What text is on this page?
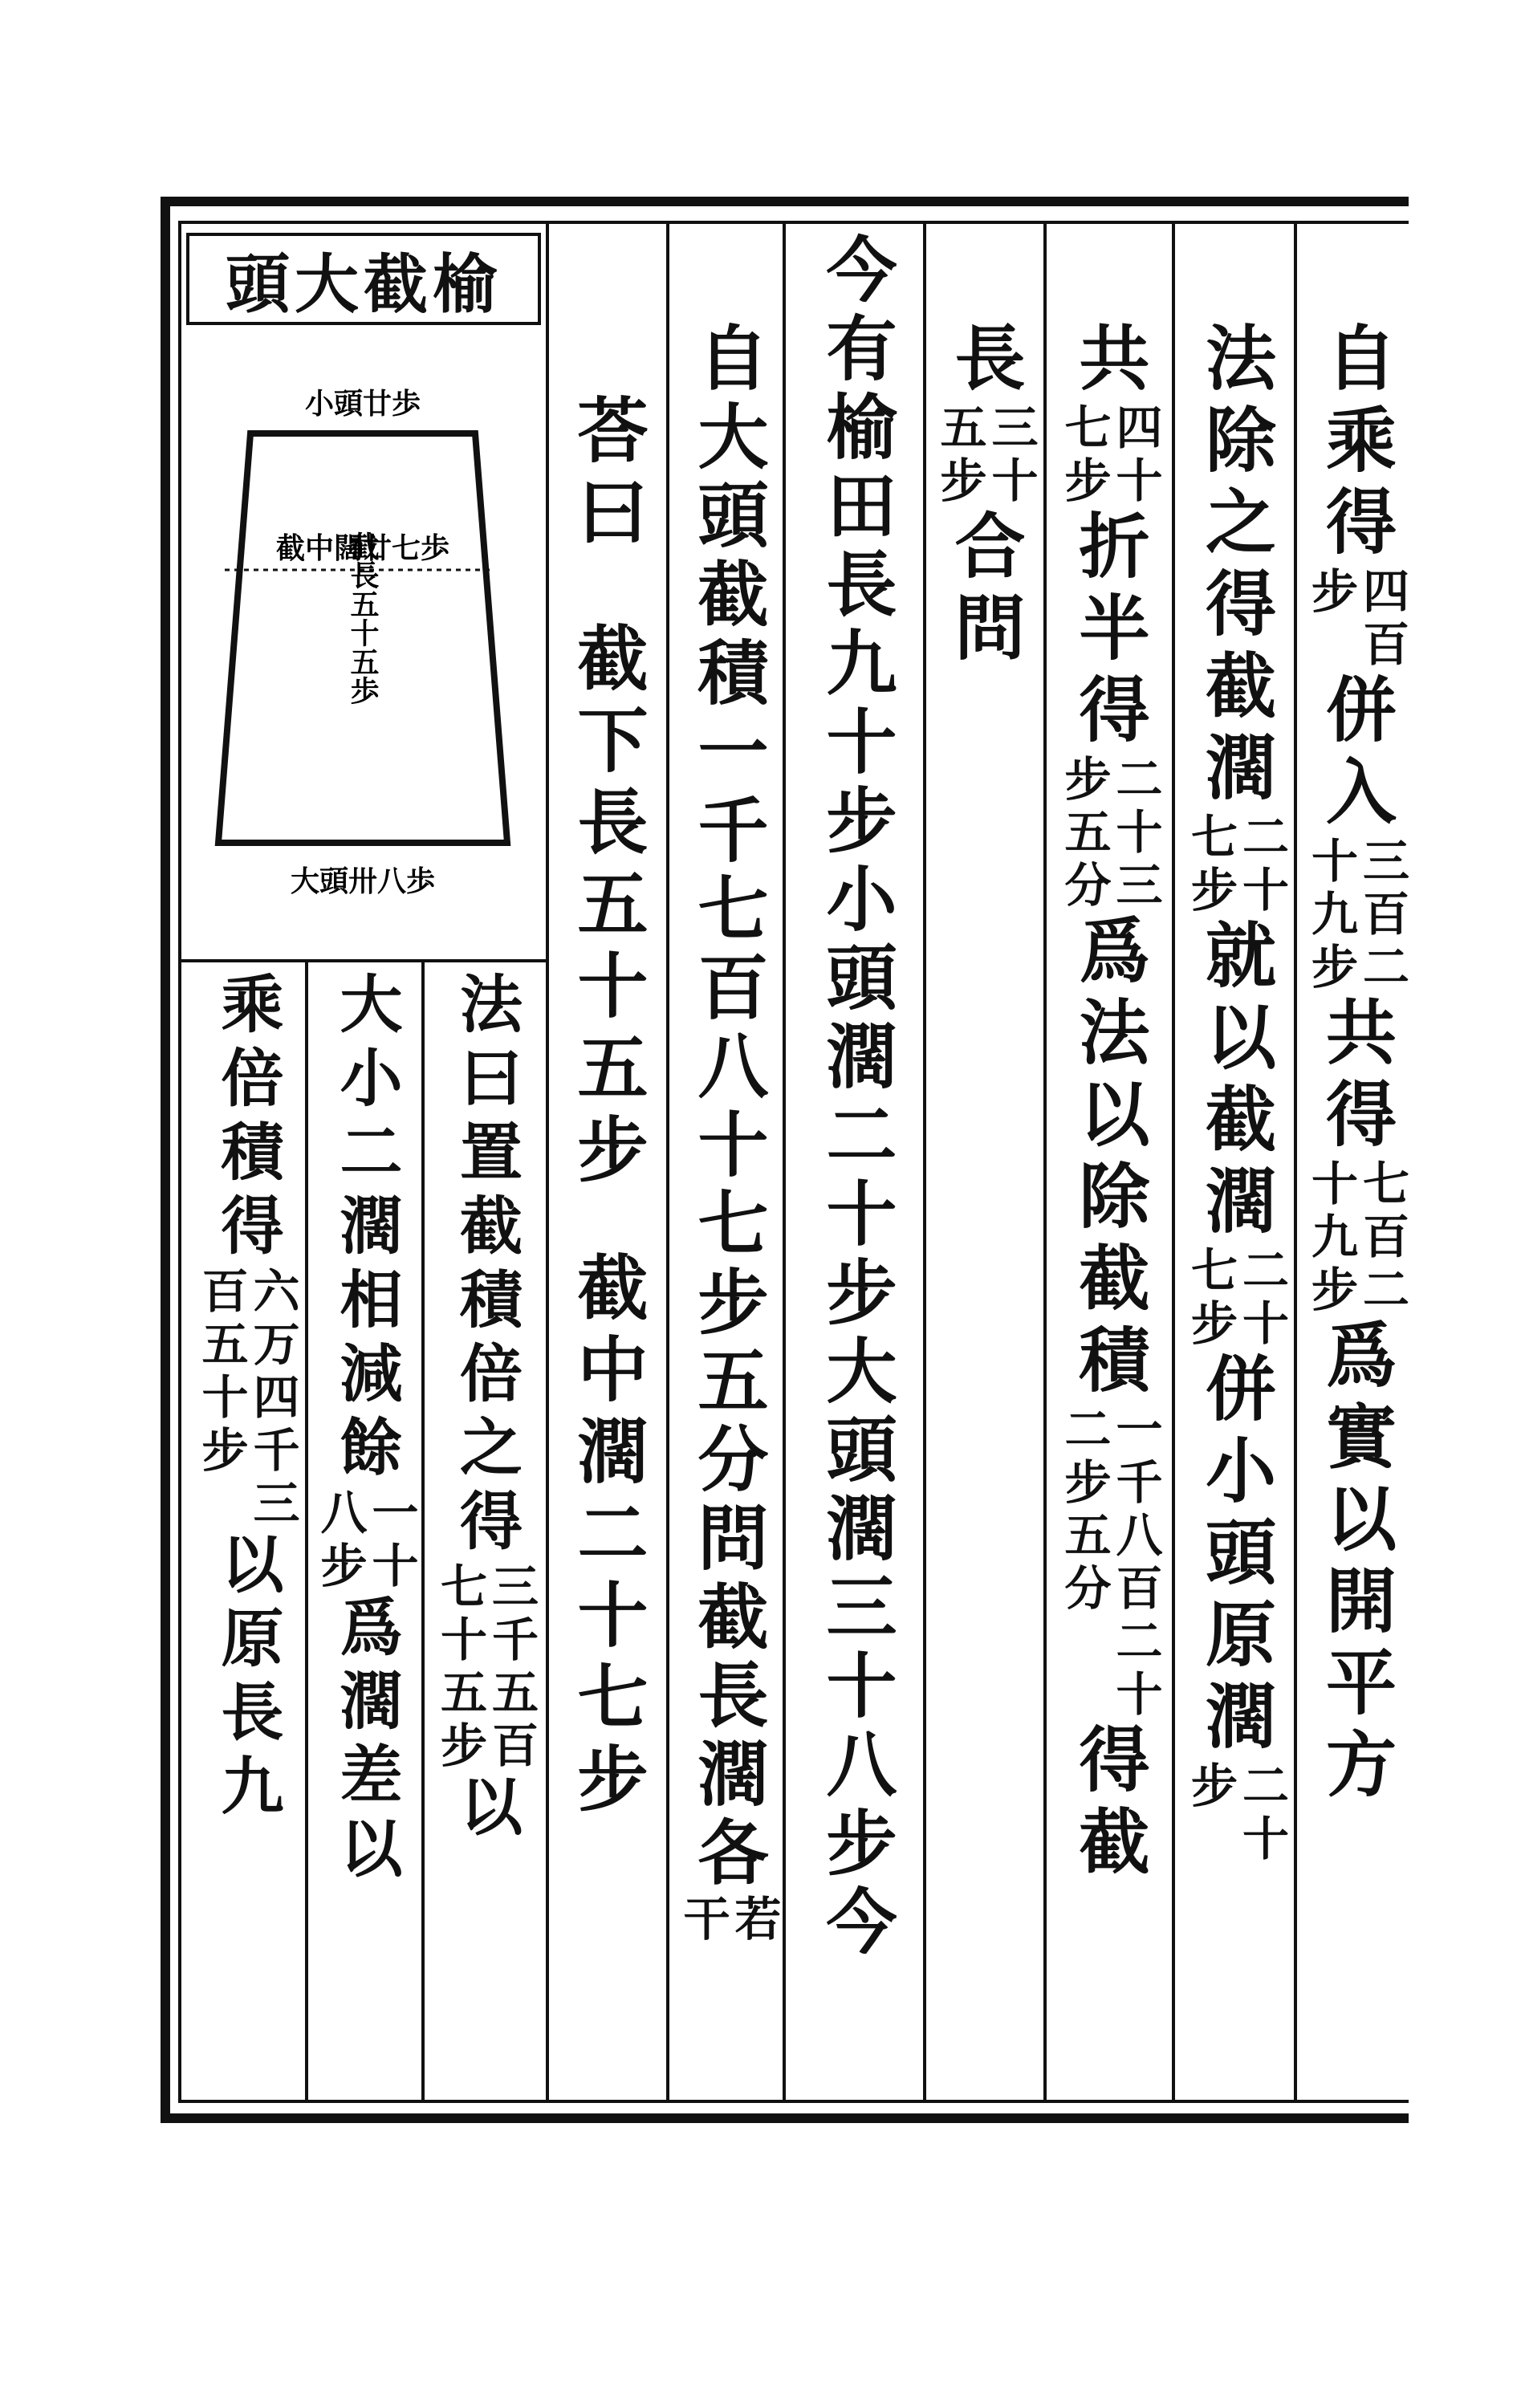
榆截大頭
小頭廿歩
截中闊廿七歩
大頭卅八歩
截長五十五歩
自乘得
四百
步
併入
三百二
十九步
共得
七百二
十九步
爲實以開平方
法除之得截濶
二十
七步
就以截濶
二十
七步
併小頭原濶
二十
步
共
四十
七步
折半得
二十三
步五分
爲法以除截積
一千八百二十
二步五分
得截
長
三十
五步
合問
今有榆田長九十步小頭濶二十步大頭濶三十八步今
自大頭截積一千七百八十七步五分問截長濶各
若
干
荅曰
截下長五十五步
截中濶二十七步
法曰置截積倍之得
三千五百
七十五步
以
大小二濶相減餘
一十
八步
爲濶差以
乘倍積得
六万四千三
百五十步
以原長九
